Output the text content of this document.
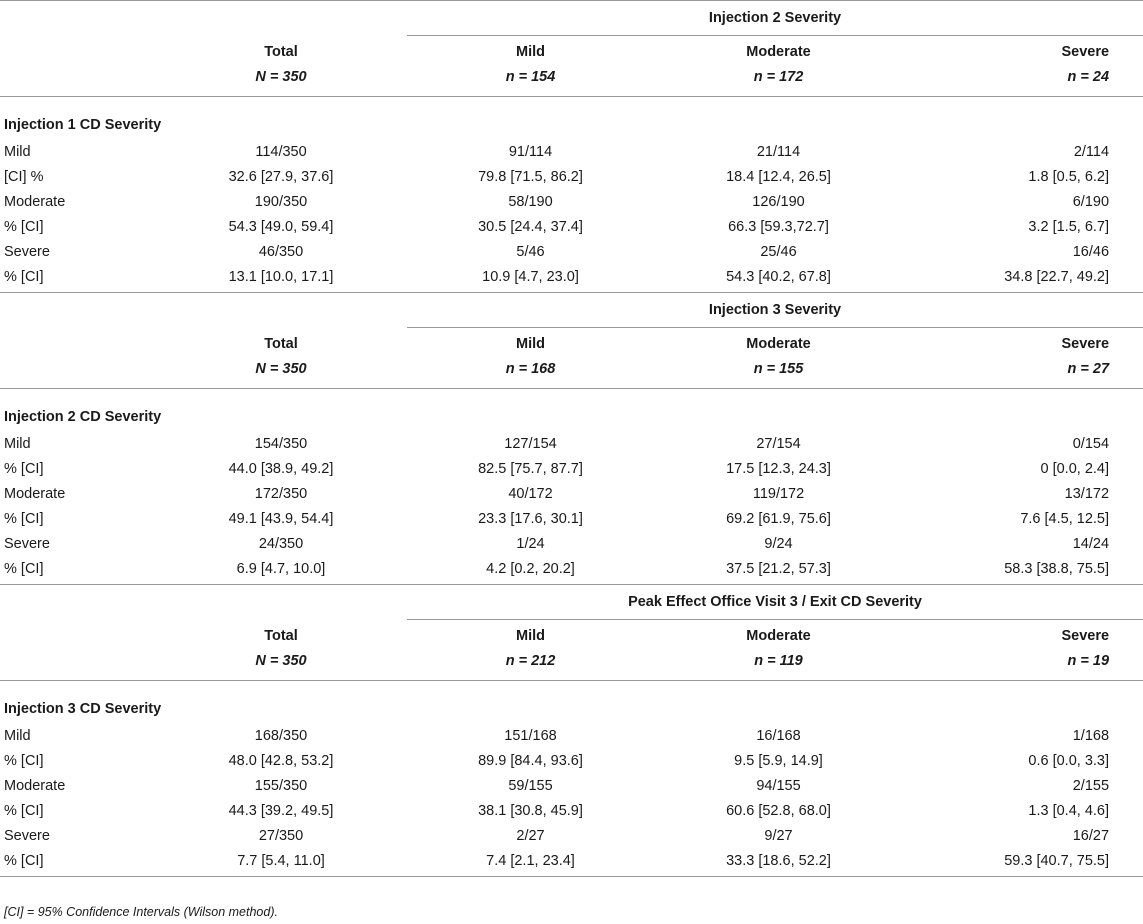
		Injection 2 Severity		
	Total	Mild	Moderate	Severe
	N = 350	n = 154	n = 172	n = 24
Injection 1 CD Severity				
Mild	114/350	91/114	21/114	2/114
[CI] %	32.6 [27.9, 37.6]	79.8 [71.5, 86.2]	18.4 [12.4, 26.5]	1.8 [0.5, 6.2]
Moderate	190/350	58/190	126/190	6/190
% [CI]	54.3 [49.0, 59.4]	30.5 [24.4, 37.4]	66.3 [59.3,72.7]	3.2 [1.5, 6.7]
Severe	46/350	5/46	25/46	16/46
% [CI]	13.1 [10.0, 17.1]	10.9 [4.7, 23.0]	54.3 [40.2, 67.8]	34.8 [22.7, 49.2]
		Injection 3 Severity		
	Total	Mild	Moderate	Severe
	N = 350	n = 168	n = 155	n = 27
Injection 2 CD Severity				
Mild	154/350	127/154	27/154	0/154
% [CI]	44.0 [38.9, 49.2]	82.5 [75.7, 87.7]	17.5 [12.3, 24.3]	0 [0.0, 2.4]
Moderate	172/350	40/172	119/172	13/172
% [CI]	49.1 [43.9, 54.4]	23.3 [17.6, 30.1]	69.2 [61.9, 75.6]	7.6 [4.5, 12.5]
Severe	24/350	1/24	9/24	14/24
% [CI]	6.9 [4.7, 10.0]	4.2 [0.2, 20.2]	37.5 [21.2, 57.3]	58.3 [38.8, 75.5]
		Peak Effect Office Visit 3 / Exit CD Severity		
	Total	Mild	Moderate	Severe
	N = 350	n = 212	n = 119	n = 19
Injection 3 CD Severity				
Mild	168/350	151/168	16/168	1/168
% [CI]	48.0 [42.8, 53.2]	89.9 [84.4, 93.6]	9.5 [5.9, 14.9]	0.6 [0.0, 3.3]
Moderate	155/350	59/155	94/155	2/155
% [CI]	44.3 [39.2, 49.5]	38.1 [30.8, 45.9]	60.6 [52.8, 68.0]	1.3 [0.4, 4.6]
Severe	27/350	2/27	9/27	16/27
% [CI]	7.7 [5.4, 11.0]	7.4 [2.1, 23.4]	33.3 [18.6, 52.2]	59.3 [40.7, 75.5]
[CI] = 95% Confidence Intervals (Wilson method).
